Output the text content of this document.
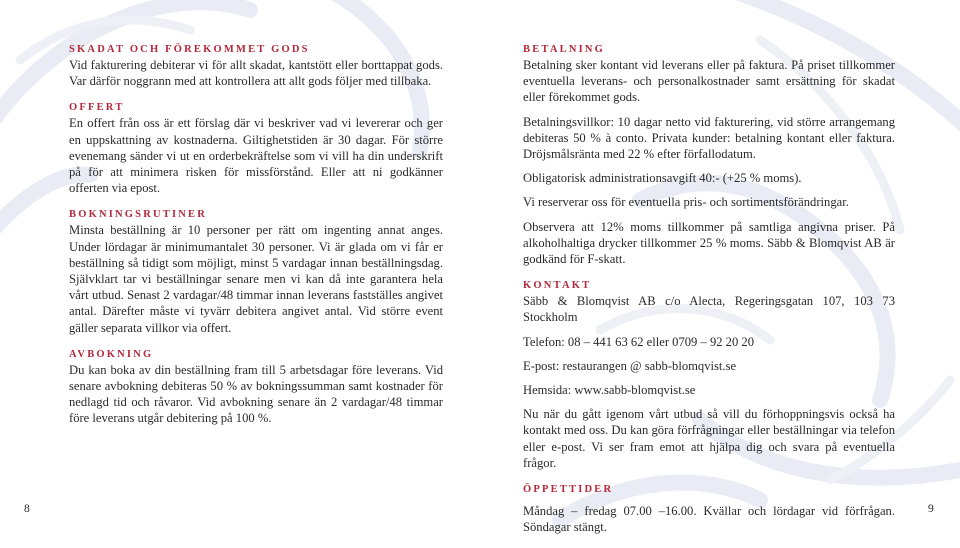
SKADAT OCH FÖREKOMMET GODS

Vid fakturering debiterar vi för allt skadat, kantstött eller borttappat gods. Var därför noggrann med att kontrollera att allt gods följer med tillbaka.

OFFERT

En offert från oss är ett förslag där vi beskriver vad vi levererar och ger en uppskattning av kostnaderna. Giltighetstiden är 30 dagar. För större evenemang sänder vi ut en orderbekräftelse som vi vill ha din underskrift på för att minimera risken för missförstånd. Eller att ni godkänner offerten via epost.

BOKNINGSRUTINER

Minsta beställning är 10 personer per rätt om ingenting annat anges. Under lördagar är minimumantalet 30 personer. Vi är glada om vi får er beställning så tidigt som möjligt, minst 5 vardagar innan beställningsdag. Självklart tar vi beställningar senare men vi kan då inte garantera hela vårt utbud. Senast 2 vardagar/48 timmar innan leverans fastställes angivet antal. Därefter måste vi tyvärr debitera angivet antal. Vid större event gäller separata villkor via offert.

AVBOKNING

Du kan boka av din beställning fram till 5 arbetsdagar före leverans. Vid senare avbokning debiteras 50 % av bokningssumman samt kostnader för nedlagd tid och råvaror. Vid avbokning senare än 2 vardagar/48 timmar före leverans utgår debitering på 100 %.

BETALNING

Betalning sker kontant vid leverans eller på faktura. På priset tillkommer eventuella leverans- och personalkostnader samt ersättning för skadat eller förekommet gods.

Betalningsvillkor: 10 dagar netto vid fakturering, vid större arrangemang debiteras 50 % à conto. Privata kunder: betalning kontant eller faktura. Dröjsmålsränta med 22 % efter förfallodatum.

Obligatorisk administrationsavgift 40:- (+25 % moms).

Vi reserverar oss för eventuella pris- och sortimentsförändringar.

Observera att 12% moms tillkommer på samtliga angivna priser. På alkoholhaltiga drycker tillkommer 25 % moms. Säbb & Blomqvist AB är godkänd för F-skatt.

KONTAKT

Säbb & Blomqvist AB c/o Alecta, Regeringsgatan 107, 103 73 Stockholm

Telefon: 08 – 441 63 62 eller 0709 – 92 20 20

E-post: restaurangen @ sabb-blomqvist.se

Hemsida: www.sabb-blomqvist.se

Nu när du gått igenom vårt utbud så vill du förhoppningsvis också ha kontakt med oss. Du kan göra förfrågningar eller beställningar via telefon eller e-post. Vi ser fram emot att hjälpa dig och svara på eventuella frågor.

ÖPPETTIDER

Måndag – fredag 07.00 –16.00. Kvällar och lördagar vid förfrågan. Söndagar stängt.

8	9
